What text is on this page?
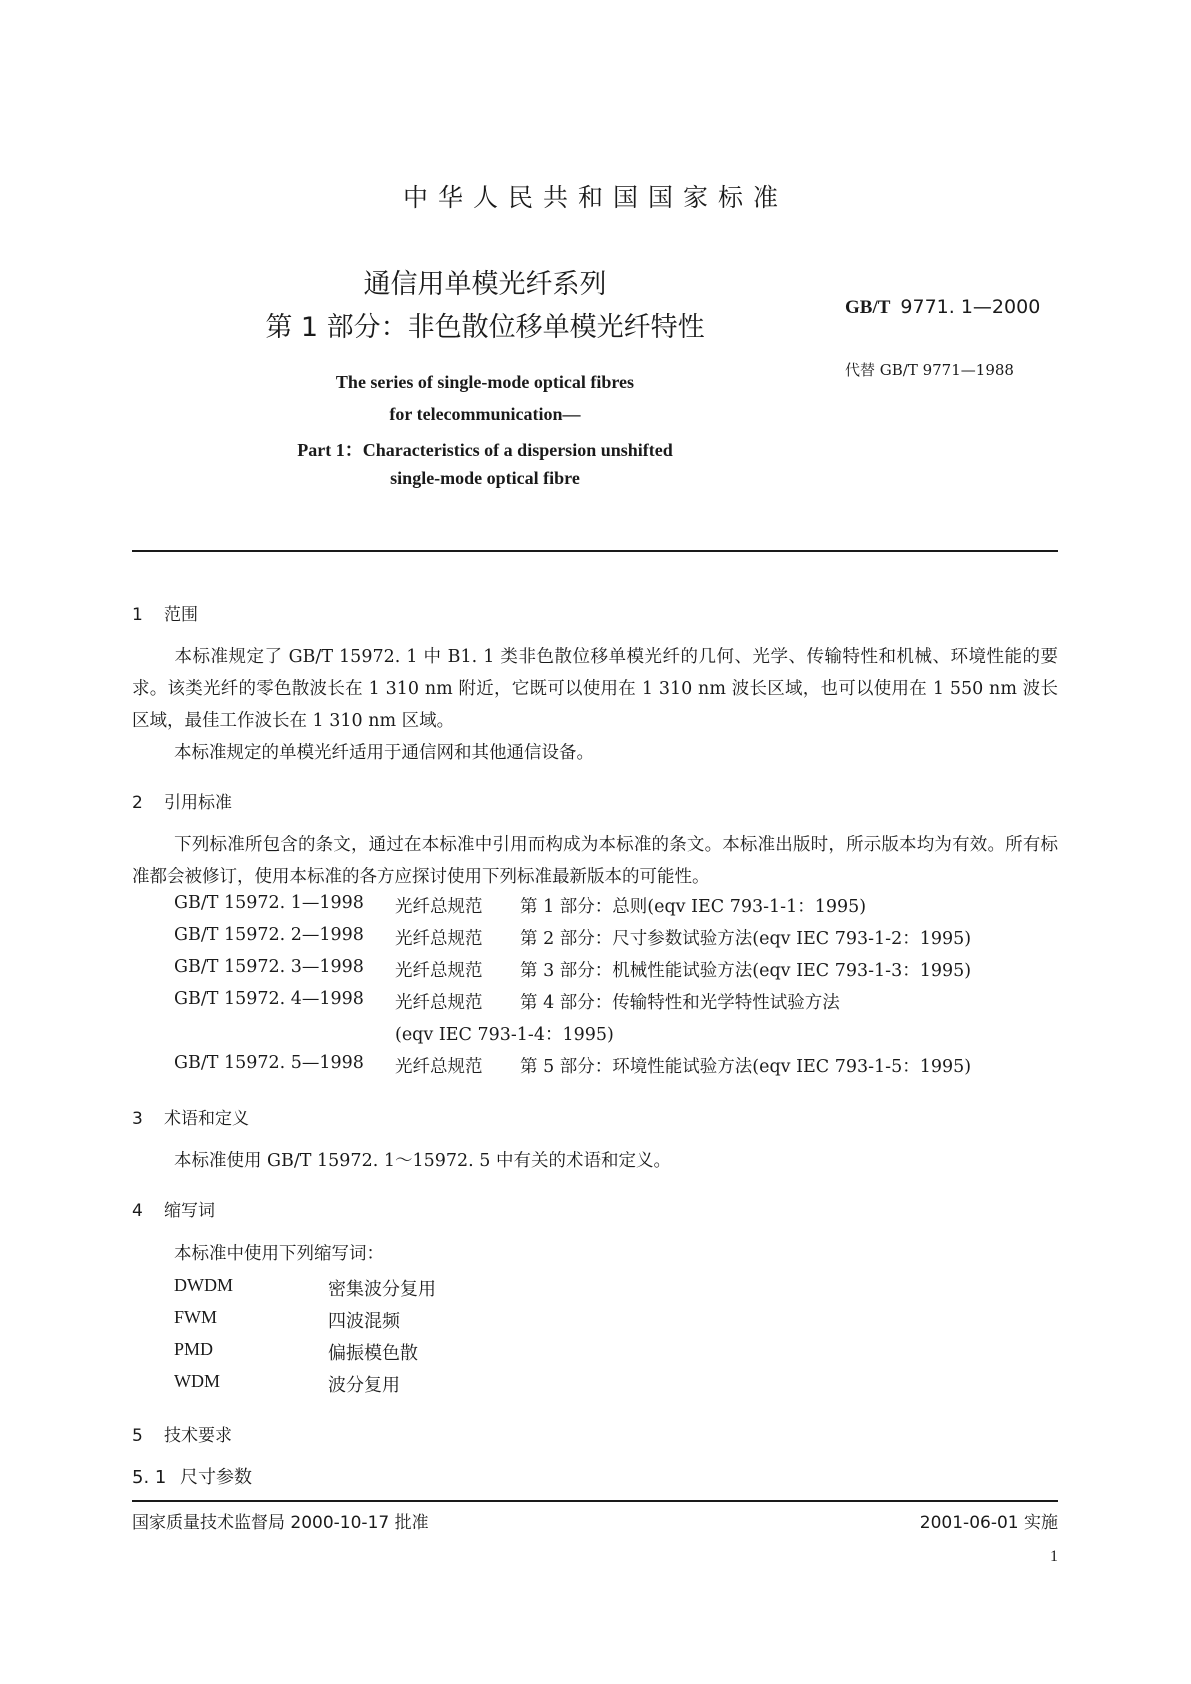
中华人民共和国国家标准
通信用单模光纤系列
第 1 部分：非色散位移单模光纤特性
GB/T 9771. 1—2000
代替 GB/T 9771—1988
The series of single-mode optical fibres
for telecommunication—
Part 1：Characteristics of a dispersion unshifted
single-mode optical fibre
1 范围
本标准规定了 GB/T 15972. 1 中 B1. 1 类非色散位移单模光纤的几何、光学、传输特性和机械、环境性能的要求。该类光纤的零色散波长在 1 310 nm 附近，它既可以使用在 1 310 nm 波长区域，也可以使用在 1 550 nm 波长区域，最佳工作波长在 1 310 nm 区域。
本标准规定的单模光纤适用于通信网和其他通信设备。
2 引用标准
下列标准所包含的条文，通过在本标准中引用而构成为本标准的条文。本标准出版时，所示版本均为有效。所有标准都会被修订，使用本标准的各方应探讨使用下列标准最新版本的可能性。
GB/T 15972. 1—1998 光纤总规范 第 1 部分：总则(eqv IEC 793-1-1：1995)
GB/T 15972. 2—1998 光纤总规范 第 2 部分：尺寸参数试验方法(eqv IEC 793-1-2：1995)
GB/T 15972. 3—1998 光纤总规范 第 3 部分：机械性能试验方法(eqv IEC 793-1-3：1995)
GB/T 15972. 4—1998 光纤总规范 第 4 部分：传输特性和光学特性试验方法
(eqv IEC 793-1-4：1995)
GB/T 15972. 5—1998 光纤总规范 第 5 部分：环境性能试验方法(eqv IEC 793-1-5：1995)
3 术语和定义
本标准使用 GB/T 15972. 1～15972. 5 中有关的术语和定义。
4 缩写词
本标准中使用下列缩写词：
DWDM	密集波分复用
FWM	四波混频
PMD	偏振模色散
WDM	波分复用
5 技术要求
5. 1 尺寸参数
国家质量技术监督局 2000-10-17 批准	2001-06-01 实施
1
